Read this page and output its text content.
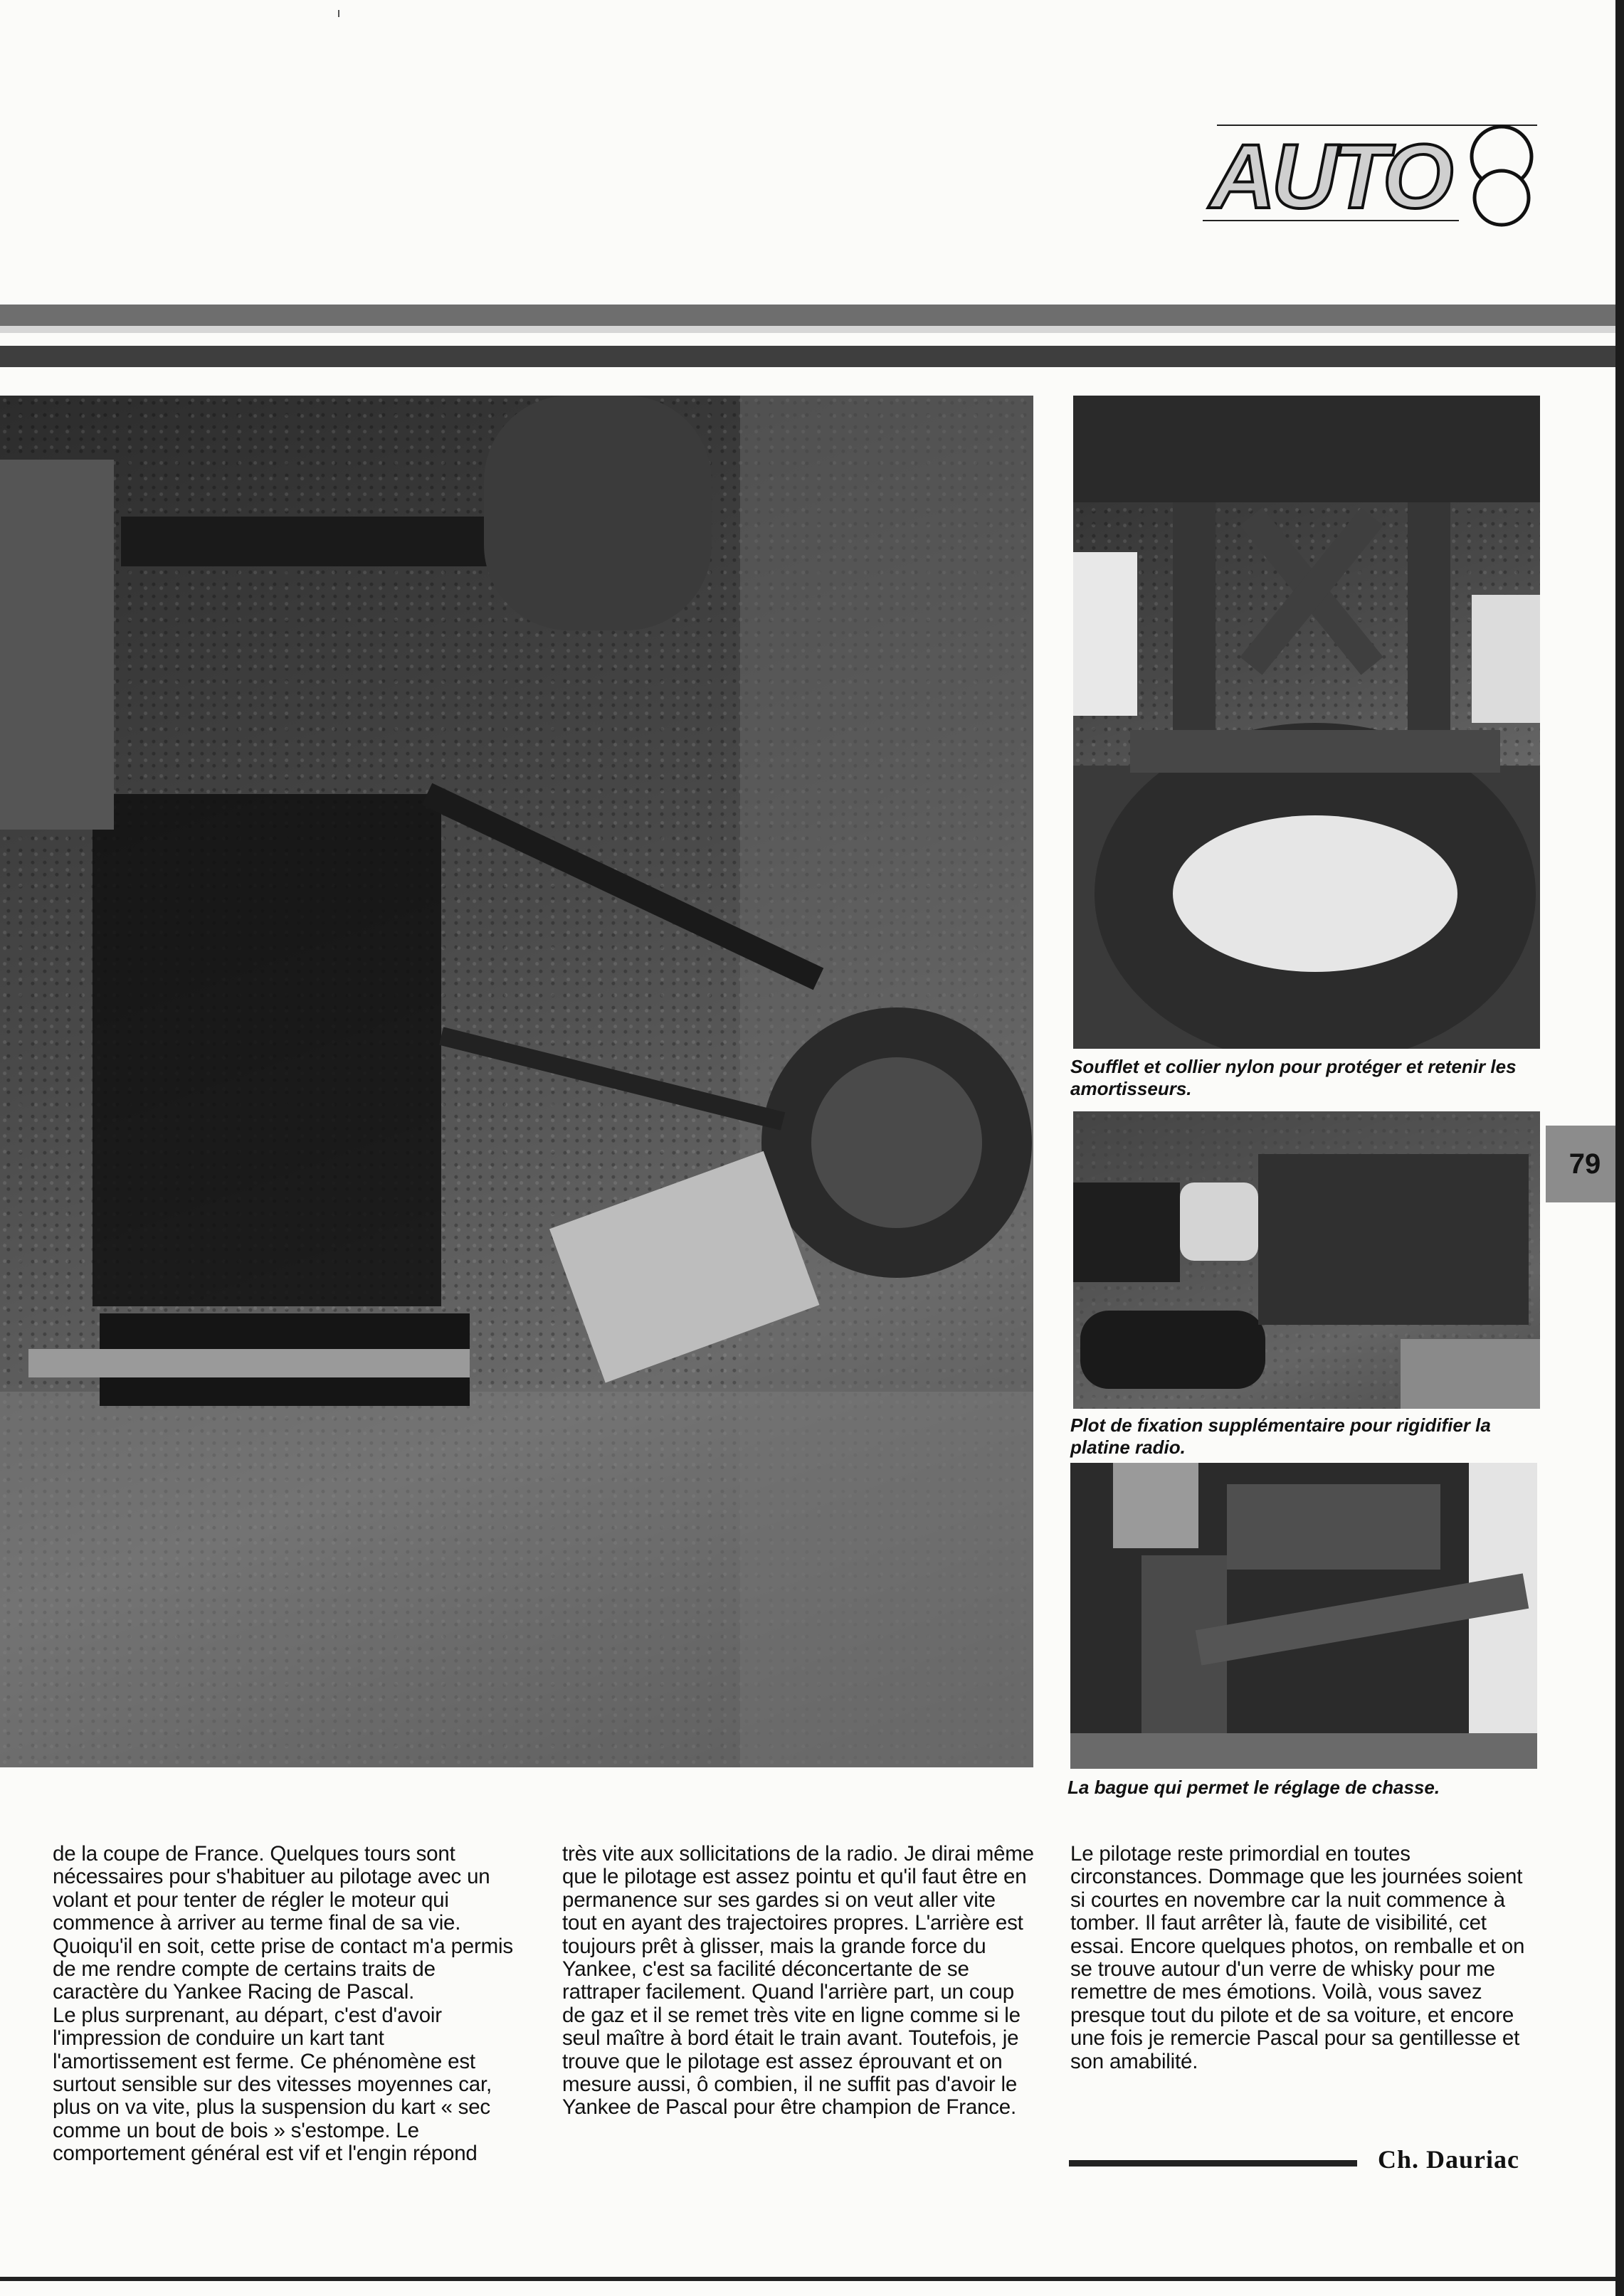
AUTO
Soufflet et collier nylon pour protéger et retenir les amortisseurs.
Plot de fixation supplémentaire pour rigidifier la platine radio.
La bague qui permet le réglage de chasse.
79
de la coupe de France. Quelques tours sont nécessaires pour s'habituer au pilotage avec un volant et pour tenter de régler le moteur qui commence à arriver au terme final de sa vie. Quoiqu'il en soit, cette prise de contact m'a permis de me rendre compte de certains traits de caractère du Yankee Racing de Pascal.
Le plus surprenant, au départ, c'est d'avoir l'impression de conduire un kart tant l'amortissement est ferme. Ce phénomène est surtout sensible sur des vitesses moyennes car, plus on va vite, plus la suspension du kart « sec comme un bout de bois » s'estompe. Le comportement général est vif et l'engin répond
très vite aux sollicitations de la radio. Je dirai même que le pilotage est assez pointu et qu'il faut être en permanence sur ses gardes si on veut aller vite tout en ayant des trajectoires propres. L'arrière est toujours prêt à glisser, mais la grande force du Yankee, c'est sa facilité déconcertante de se rattraper facilement. Quand l'arrière part, un coup de gaz et il se remet très vite en ligne comme si le seul maître à bord était le train avant. Toutefois, je trouve que le pilotage est assez éprouvant et on mesure aussi, ô combien, il ne suffit pas d'avoir le Yankee de Pascal pour être champion de France.
Le pilotage reste primordial en toutes circonstances. Dommage que les journées soient si courtes en novembre car la nuit commence à tomber. Il faut arrêter là, faute de visibilité, cet essai. Encore quelques photos, on remballe et on se trouve autour d'un verre de whisky pour me remettre de mes émotions. Voilà, vous savez presque tout du pilote et de sa voiture, et encore une fois je remercie Pascal pour sa gentillesse et son amabilité.
Ch. Dauriac
